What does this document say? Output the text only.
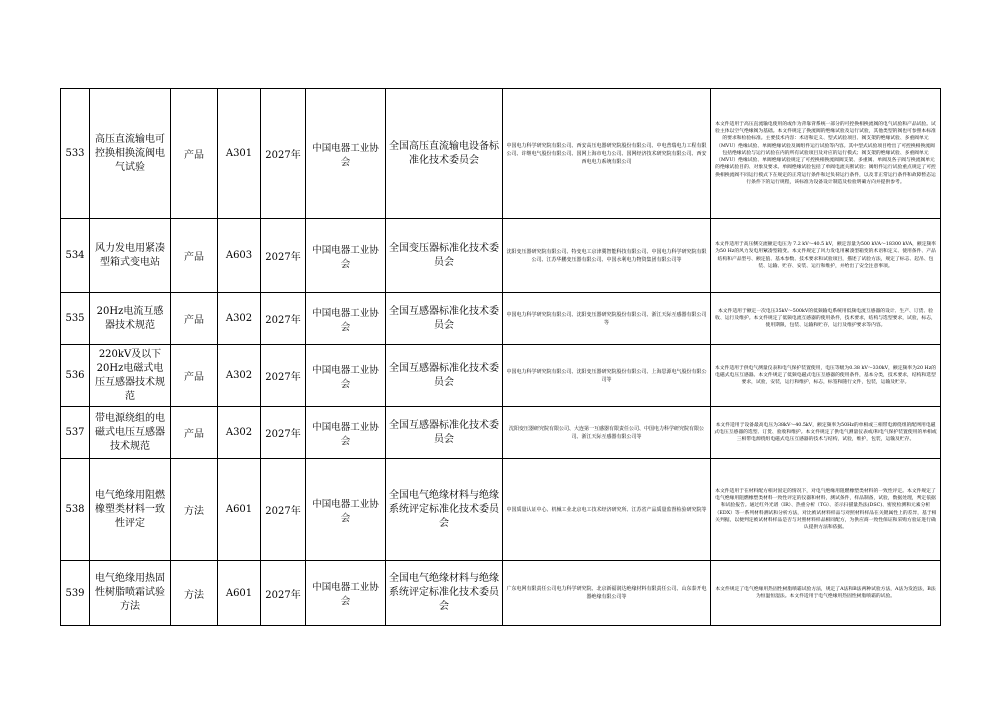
533	高压直流输电可控换相换流阀电气试验	产品	A301	2027年	中国电器工业协会	全国高压直流输电设备标准化技术委员会	中国电力科学研究院有限公司、西安高压电器研究院股份有限公司、中电普瑞电力工程有限公司、许继电气股份有限公司、国网上海市电力公司、国网经济技术研究院有限公司、西安西电电力系统有限公司	本文件适用于高压直流输电使用的或作为背靠背系统一部分的可控换相换流阀的电气试验和产品试验。试验主体以空气绝缘阀为基础。本文件规定了换流阀的绝缘试验及运行试验，其他类型的阀也可参照本标准的要求和检验标准。主要技术内容：术语和定义、型式试验项目、阀支架的绝缘试验、多重阀单元（MVU）绝缘试验、单阀绝缘试验及阀组件运行试验等内容。其中型式试验项目给出了可控换相换流阀包括绝缘试验与运行试验在内的所有试验项目及对应的运行模式；阀支架的绝缘试验、多重阀单元（MVU）绝缘试验、单阀绝缘试验规定了可控换相换流阀阀支架、多重阀、单阀及各子阀与换流阀单元的绝缘试验目的、对象及要求。单阀绝缘试验包括了单阀电流关断试验；阀组件运行试验重点规定了可控换相换流阀不同运行模式下在规定的正常运行条件和过负荷运行条件，以及非正常运行条件和故障暂态运行条件下的运行规程，该标准为设备设计制造及检验明确方向并提供参考。
534	风力发电用紧凑型箱式变电站	产品	A603	2027年	中国电器工业协会	全国变压器标准化技术委员会	沈阳变压器研究院有限公司、特变电工京津冀智能科技有限公司、中国电力科学研究院有限公司、江苏华鹏变压器有限公司、中国水利电力物资集团有限公司等	本文件适用于高压侧交流额定电压为 7.2 kV～40.5 kV，额定容量为500 kVA～18300 kVA，额定频率为50 Hz的风力发电用紧凑型箱变。本文件规定了风力发电用紧凑型箱变的术语和定义、使用条件、产品结构和产品型号、额定值、基本参数、技术要求和试验项目，描述了试验方法，规定了标志、起吊、包装、运输、贮存、安装、运行和维护，并给出了安全注意事项。
535	20Hz电流互感器技术规范	产品	A302	2027年	中国电器工业协会	全国互感器标准化技术委员会	中国电力科学研究院有限公司、沈阳变压器研究院股份有限公司、浙江天际互感器有限公司等	本文件适用于额定一次电压35kV～500kV的低频输电系统用低频电流互感器的设计、生产、订货、验收、运行及维护。本文件规定了低频电流互感器的使用条件，技术要求，结构与选型要求，试验，标志，使用期限，包装、运输和贮存，运行及维护要求等内容。
536	220kV及以下20Hz电磁式电压互感器技术规范	产品	A302	2027年	中国电器工业协会	全国互感器标准化技术委员会	中国电力科学研究院有限公司、沈阳变压器研究院股份有限公司、上海思源电气股份有限公司等	本文件适用于供电气测量仪表和电气保护装置使用，电压等级为0.38 kV～330kV，额定频率为20 Hz的电磁式电压互感器。本文件规定了低频电磁式电压互感器的使用条件，基本分类，技术要求，结构和选型要求，试验，安装，运行和维护，标志，标签和随行文件，包装，运输及贮存。
537	带电源绕组的电磁式电压互感器技术规范	产品	A302	2027年	中国电器工业协会	全国互感器标准化技术委员会	沈阳变压器研究院有限公司、大连第一互感器有限责任公司、中国电力科学研究院有限公司、浙江天际互感器有限公司等	本文件适用于设备最高电压为38kV～40.5kV，额定频率为50Hz的单相或三相带电源绕组的配网用电磁式电压互感器的选型、订货、验收和维护。本文件规定了供电气测量仪表或/和电气保护装置使用的单相或三相带电源绕组电磁式电压互感器的技术与结构，试验，维护，包装，运输及贮存。
538	电气绝缘用阻燃橡塑类材料一致性评定	方法	A601	2027年	中国电器工业协会	全国电气绝缘材料与绝缘系统评定标准化技术委员会	中国质量认证中心、机械工业北京电工技术经济研究所、江苏省产品质量监督检验研究院等	本文件适用于在材料配方相对固定的情况下，对电气绝缘用阻燃橡塑类材料的一致性评定。本文件规定了电气绝缘用阻燃橡塑类材料一致性评定的仪器和材料，测试条件，样品制备，试验，数据处理，判定依据和试验报告。通过红外光谱（IR）、热重分析（TG）、差示扫描量热法(DSC)、密度检测和元素分析（EDX）等一系列材料测试和分析方法，对比被试材料样品与对照材料样品在关键属性上的差异，基于相关判据，以便判定被试材料样品是否与对照材料样品相同配方，为供应商一致性保证和采购方验证进行确认提供方法和依据。
539	电气绝缘用热固性树脂喷霜试验方法	方法	A601	2027年	中国电器工业协会	全国电气绝缘材料与绝缘系统评定标准化技术委员会	广东电网有限责任公司电力科学研究院、北京新福润达绝缘材料有限责任公司、山东泰开电器绝缘有限公司等	本文件规定了电气绝缘用热固性树脂喷霜试验方法，规定了A法和B法两种试验方法，A法为发泡法，B法为恒温恒湿法。本文件适用于电气绝缘用热固性树脂喷霜的试验。
